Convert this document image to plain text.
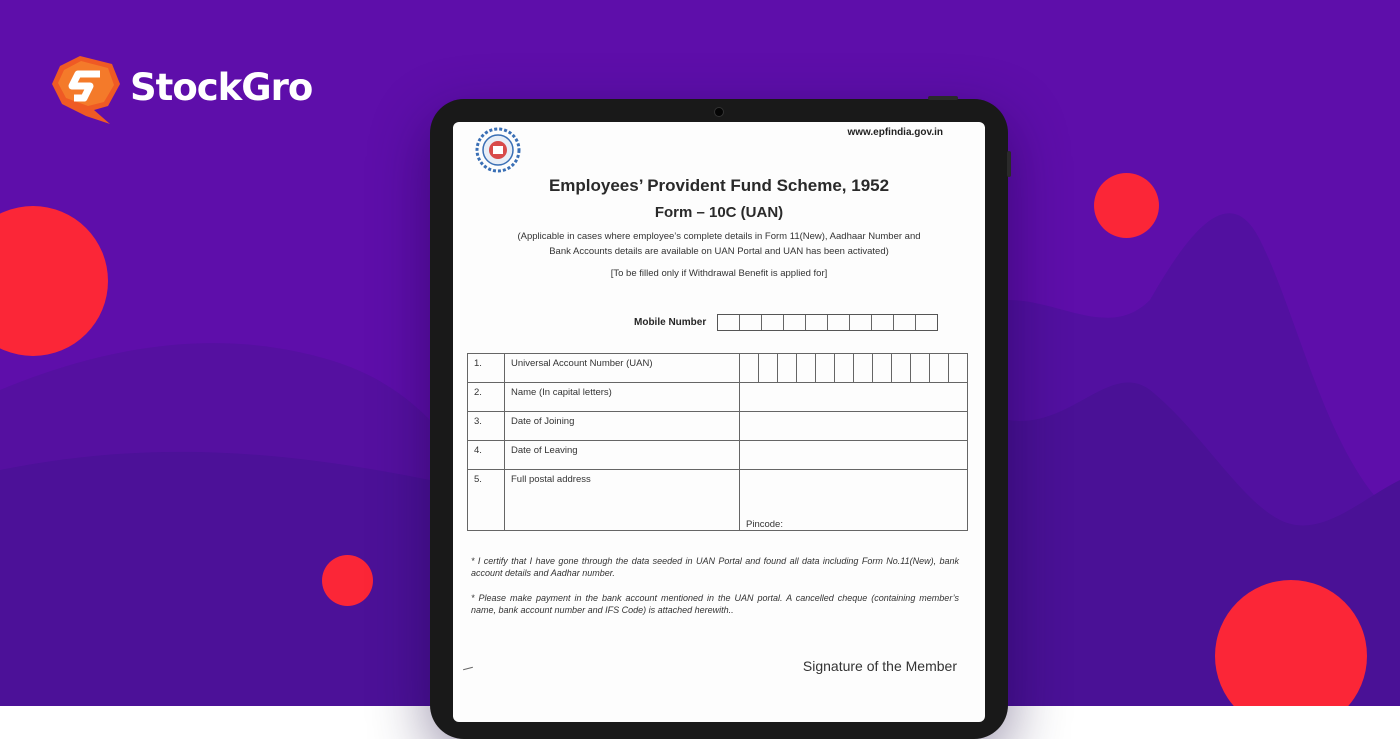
StockGro
www.epfindia.gov.in
Employees’ Provident Fund Scheme, 1952
Form – 10C (UAN)
(Applicable in cases where employee’s complete details in Form 11(New), Aadhaar Number and
Bank Accounts details are available on UAN Portal and UAN has been activated)
[To be filled only if Withdrawal Benefit is applied for]
Mobile Number
1.	Universal Account Number (UAN)	

2.	Name (In capital letters)	
3.	Date of Joining	
4.	Date of Leaving	
5.	Full postal address	Pincode:
* I certify that I have gone through the data seeded in UAN Portal and found all data including Form No.11(New), bank account details and Aadhar number.
* Please make payment in the bank account mentioned in the UAN portal. A cancelled cheque (containing member’s name, bank account number and IFS Code) is attached herewith..
Signature of the Member
